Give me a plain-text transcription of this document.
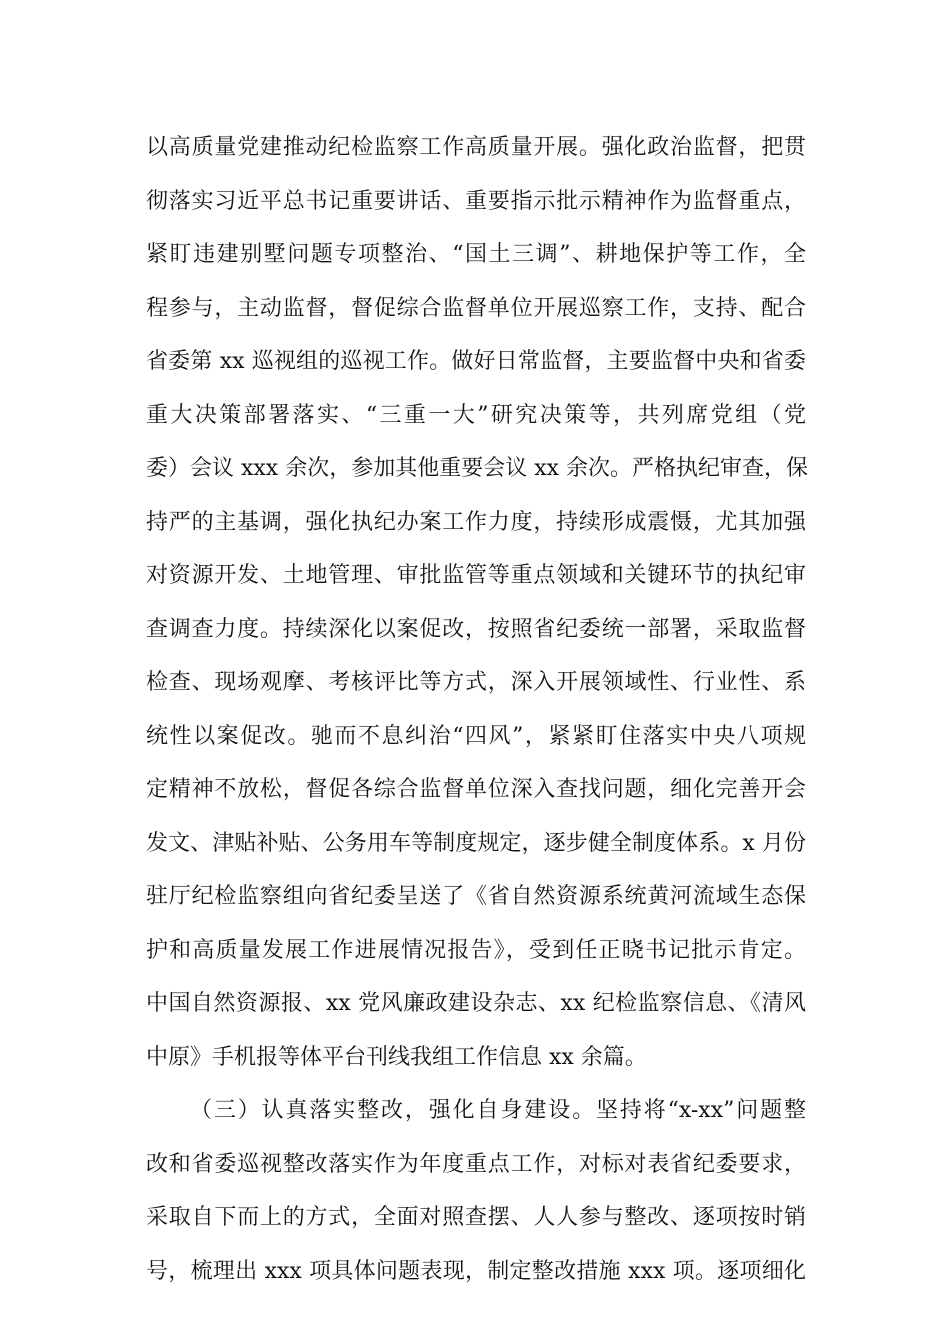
以高质量党建推动纪检监察工作高质量开展。强化政治监督，把贯
彻落实习近平总书记重要讲话、重要指示批示精神作为监督重点，
紧盯违建别墅问题专项整治、“国土三调”、耕地保护等工作，全
程参与，主动监督，督促综合监督单位开展巡察工作，支持、配合
省委第 xx 巡视组的巡视工作。做好日常监督，主要监督中央和省委
重大决策部署落实、“三重一大”研究决策等，共列席党组（党
委）会议 xxx 余次，参加其他重要会议 xx 余次。严格执纪审查，保
持严的主基调，强化执纪办案工作力度，持续形成震慑，尤其加强
对资源开发、土地管理、审批监管等重点领域和关键环节的执纪审
查调查力度。持续深化以案促改，按照省纪委统一部署，采取监督
检查、现场观摩、考核评比等方式，深入开展领域性、行业性、系
统性以案促改。驰而不息纠治“四风”，紧紧盯住落实中央八项规
定精神不放松，督促各综合监督单位深入查找问题，细化完善开会
发文、津贴补贴、公务用车等制度规定，逐步健全制度体系。x 月份
驻厅纪检监察组向省纪委呈送了《省自然资源系统黄河流域生态保
护和高质量发展工作进展情况报告》，受到任正晓书记批示肯定。
中国自然资源报、xx 党风廉政建设杂志、xx 纪检监察信息、《清风
中原》手机报等体平台刊线我组工作信息 xx 余篇。
（三）认真落实整改，强化自身建设。坚持将“x-xx”问题整
改和省委巡视整改落实作为年度重点工作，对标对表省纪委要求，
采取自下而上的方式，全面对照查摆、人人参与整改、逐项按时销
号，梳理出 xxx 项具体问题表现，制定整改措施 xxx 项。逐项细化
